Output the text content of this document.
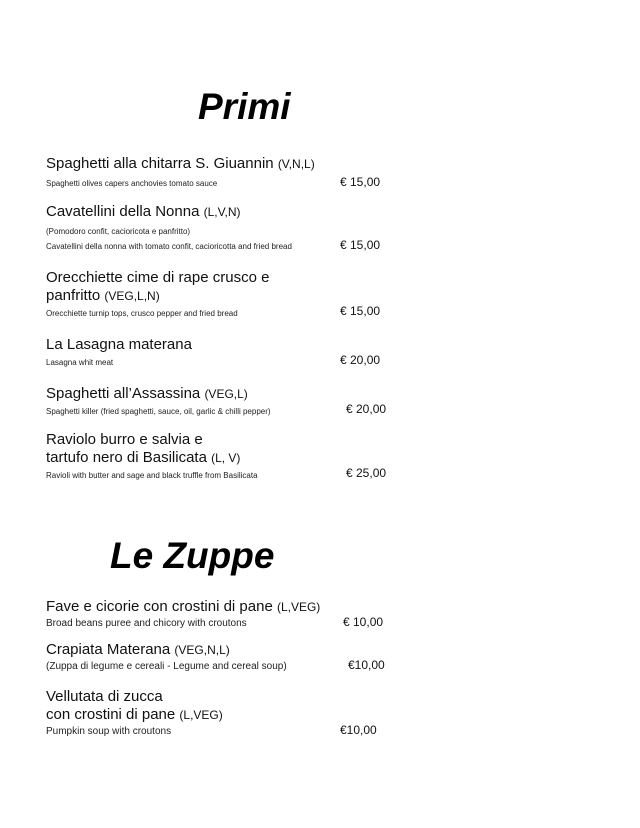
Primi

Spaghetti alla chitarra S. Giuannin (V,N,L)

Spaghetti olives capers anchovies tomato sauce	€ 15,00

Cavatellini della Nonna (L,V,N)

(Pomodoro confit, cacioricota e panfritto)

Cavatellini della nonna with tomato confit, cacioricotta and fried bread	€ 15,00

Orecchiette cime di rape crusco e

panfritto (VEG,L,N)

Orecchiette turnip tops, crusco pepper and fried bread	€ 15,00

La Lasagna materana

Lasagna whit meat	€ 20,00

Spaghetti all’Assassina (VEG,L)

Spaghetti killer (fried spaghetti, sauce, oil, garlic & chilli pepper)	€ 20,00

Raviolo burro e salvia e

tartufo nero di Basilicata (L, V)

Ravioli with butter and sage and black truffle from Basilicata	€ 25,00
Le Zuppe

Fave e cicorie con crostini di pane (L,VEG)

Broad beans puree and chicory with croutons	€ 10,00

Crapiata Materana (VEG,N,L)

(Zuppa di legume e cereali - Legume and cereal soup)	€10,00

Vellutata di zucca

con crostini di pane (L,VEG)

Pumpkin soup with croutons	€10,00
